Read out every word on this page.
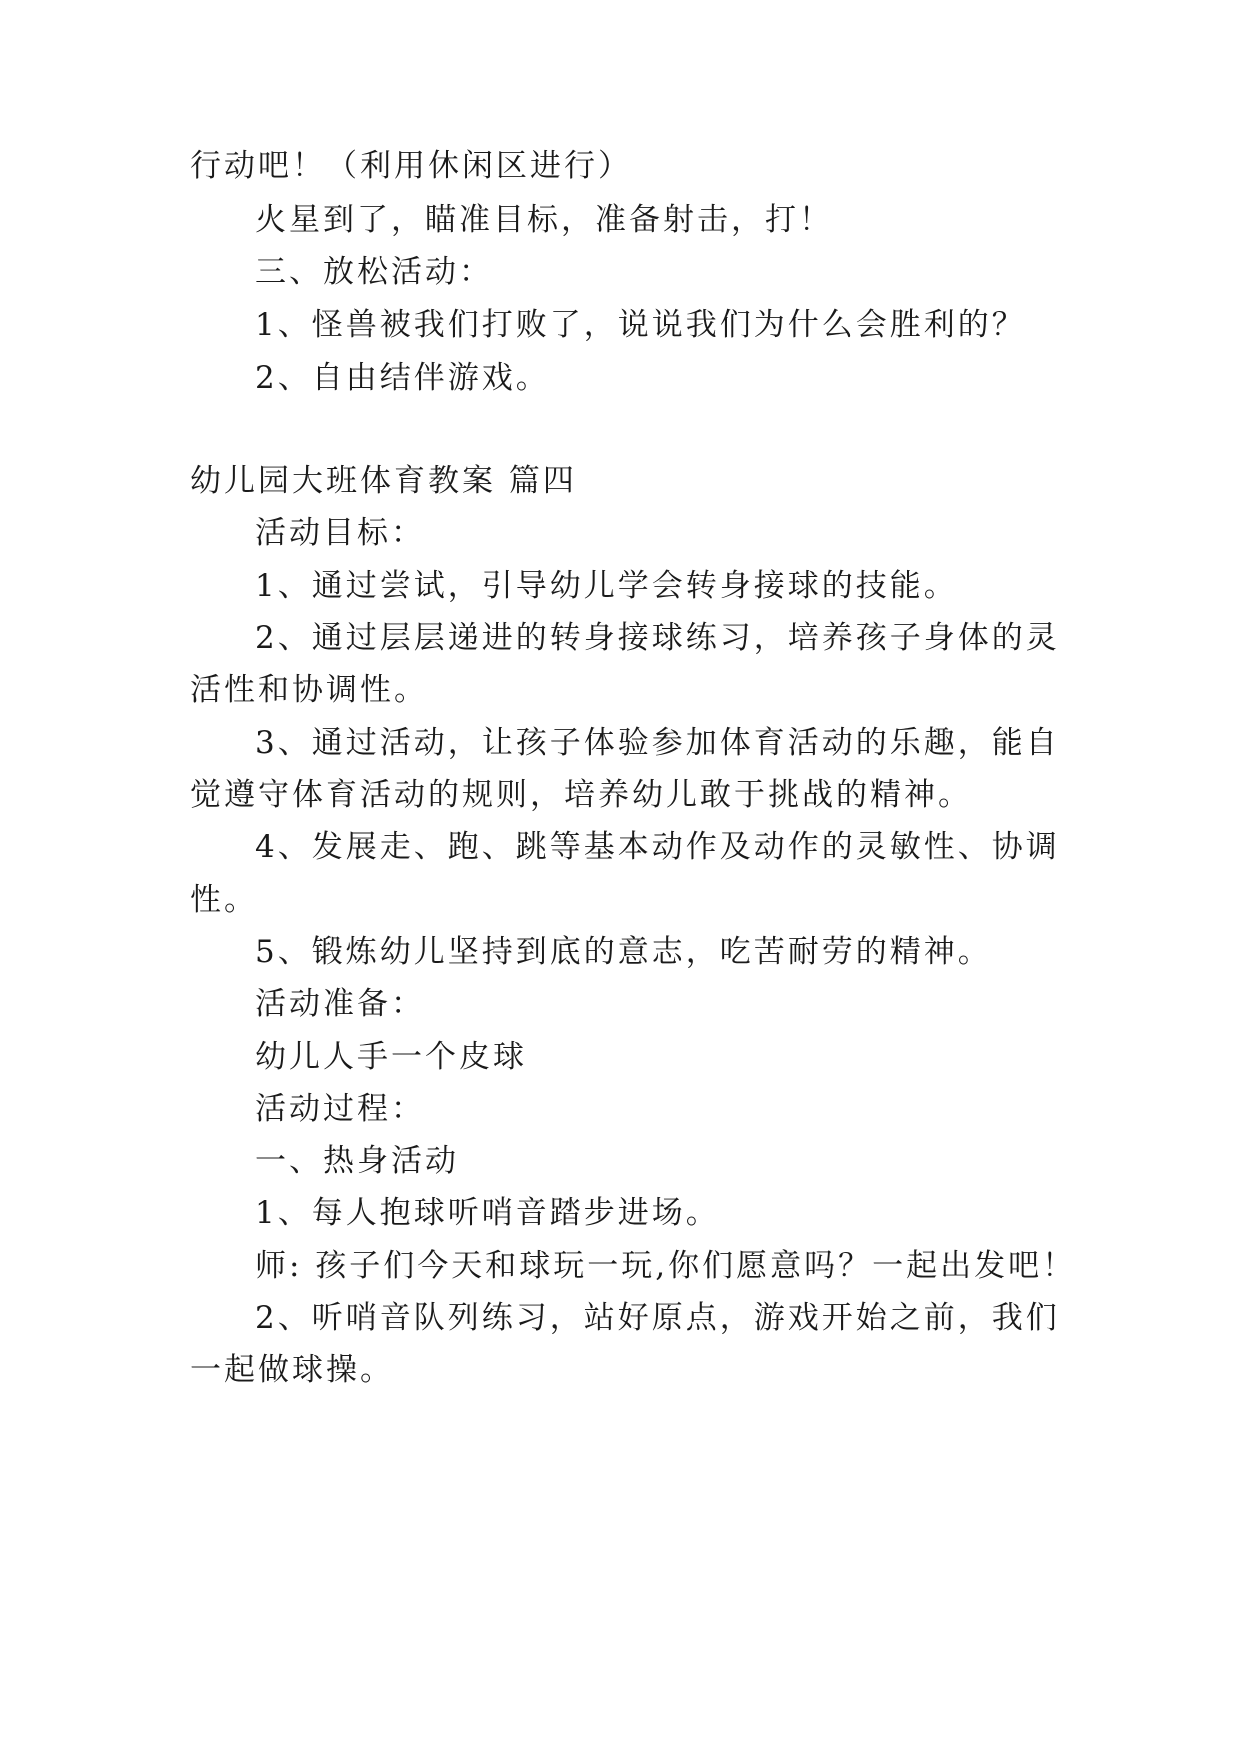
行动吧！（利用休闲区进行）
火星到了，瞄准目标，准备射击，打！
三、放松活动：
1、怪兽被我们打败了，说说我们为什么会胜利的？
2、自由结伴游戏。
幼儿园大班体育教案 篇四
活动目标：
1、通过尝试，引导幼儿学会转身接球的技能。
2、通过层层递进的转身接球练习，培养孩子身体的灵
活性和协调性。
3、通过活动，让孩子体验参加体育活动的乐趣，能自
觉遵守体育活动的规则，培养幼儿敢于挑战的精神。
4、发展走、跑、跳等基本动作及动作的灵敏性、协调
性。
5、锻炼幼儿坚持到底的意志，吃苦耐劳的精神。
活动准备：
幼儿人手一个皮球
活动过程：
一、热身活动
1、每人抱球听哨音踏步进场。
师: 孩子们今天和球玩一玩,你们愿意吗？一起出发吧！
2、听哨音队列练习，站好原点，游戏开始之前，我们
一起做球操。
